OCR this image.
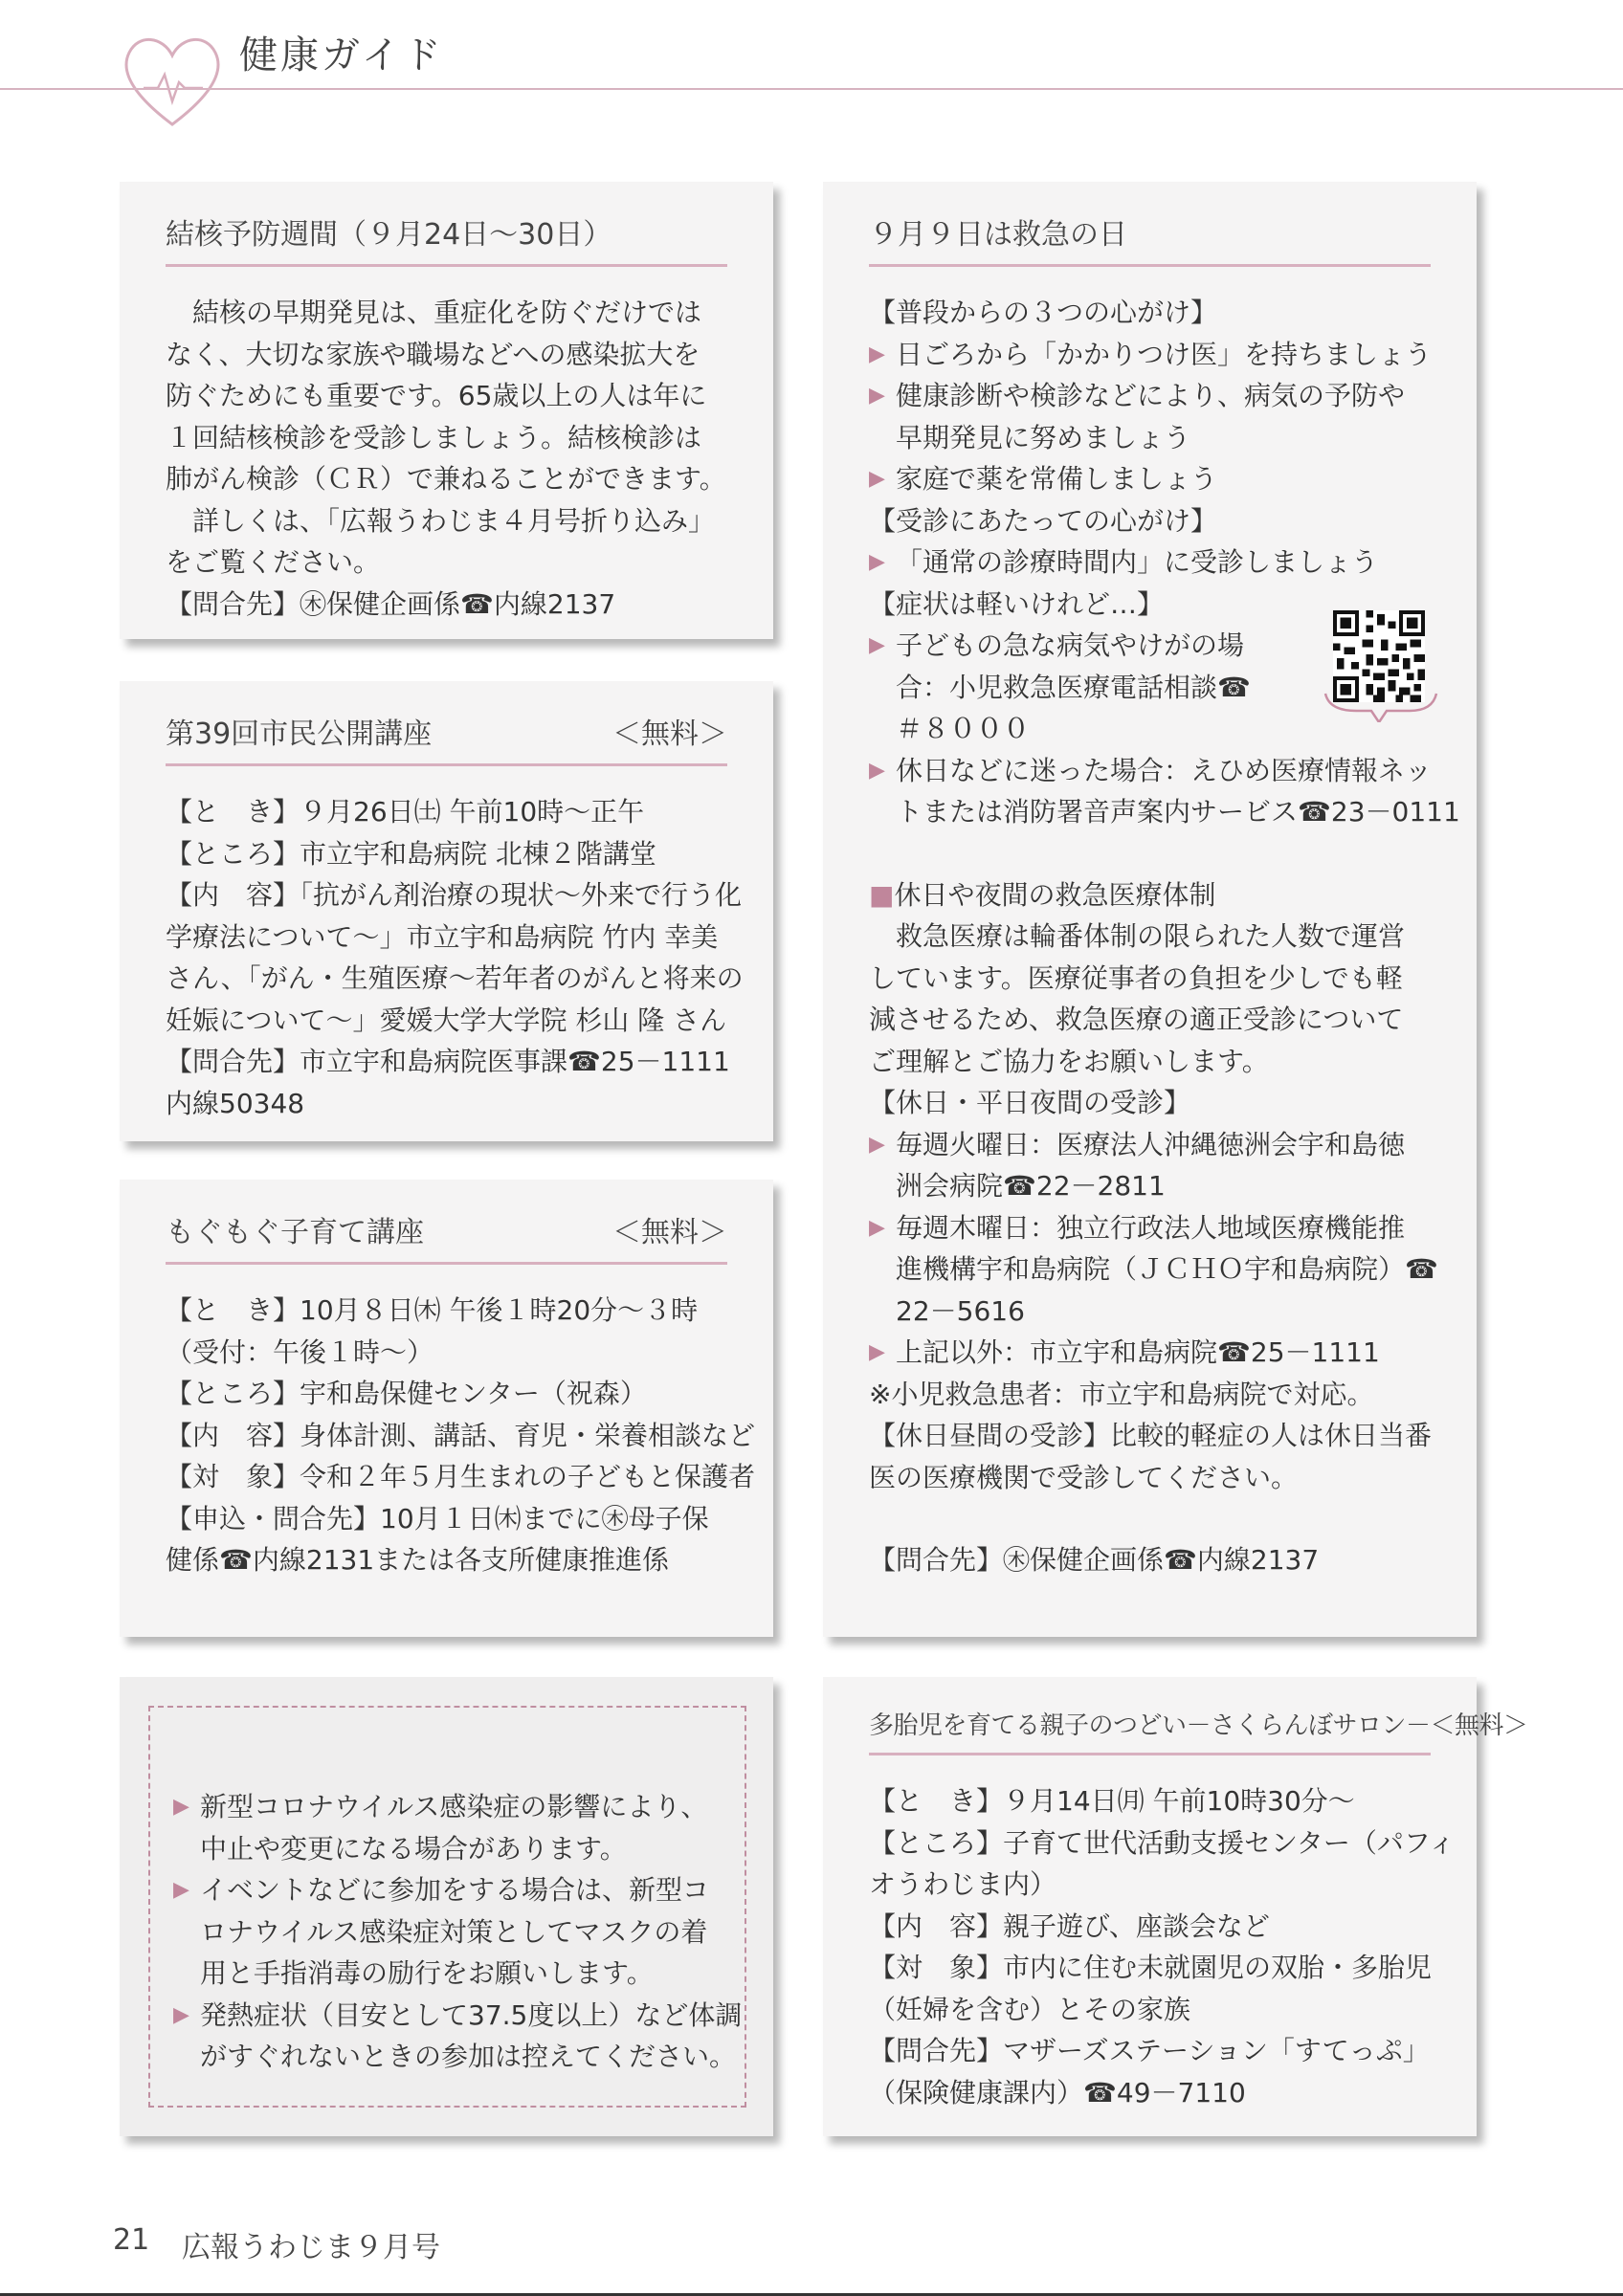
健康ガイド
結核予防週間（９月24日～30日）
結核の早期発見は、重症化を防ぐだけでは
なく、大切な家族や職場などへの感染拡大を
防ぐためにも重要です。65歳以上の人は年に
１回結核検診を受診しましょう。結核検診は
肺がん検診（ＣＲ）で兼ねることができます。
詳しくは、「広報うわじま４月号折り込み」
をご覧ください。
【問合先】㊍保健企画係☎内線2137
第39回市民公開講座	＜無料＞
【と　き】９月26日㈯ 午前10時～正午
【ところ】市立宇和島病院 北棟２階講堂
【内　容】「抗がん剤治療の現状～外来で行う化
学療法について～」市立宇和島病院 竹内 幸美
さん、「がん・生殖医療～若年者のがんと将来の
妊娠について～」愛媛大学大学院 杉山 隆 さん
【問合先】市立宇和島病院医事課☎25－1111
内線50348
もぐもぐ子育て講座	＜無料＞
【と　き】10月８日㈭ 午後１時20分～３時
（受付：午後１時～）
【ところ】宇和島保健センター（祝森）
【内　容】身体計測、講話、育児・栄養相談など
【対　象】令和２年５月生まれの子どもと保護者
【申込・問合先】10月１日㈭までに㊍母子保
健係☎内線2131または各支所健康推進係
▶ 新型コロナウイルス感染症の影響により、
中止や変更になる場合があります。
▶ イベントなどに参加をする場合は、新型コ
ロナウイルス感染症対策としてマスクの着
用と手指消毒の励行をお願いします。
▶ 発熱症状（目安として37.5度以上）など体調
がすぐれないときの参加は控えてください。
９月９日は救急の日
【普段からの３つの心がけ】
▶ 日ごろから「かかりつけ医」を持ちましょう
▶ 健康診断や検診などにより、病気の予防や
早期発見に努めましょう
▶ 家庭で薬を常備しましょう
【受診にあたっての心がけ】
▶ 「通常の診療時間内」に受診しましょう
【症状は軽いけれど…】
▶ 子どもの急な病気やけがの場
合：小児救急医療電話相談☎
＃８０００
▶ 休日などに迷った場合：えひめ医療情報ネッ
トまたは消防署音声案内サービス☎23－0111
■休日や夜間の救急医療体制
救急医療は輪番体制の限られた人数で運営
しています。医療従事者の負担を少しでも軽
減させるため、救急医療の適正受診について
ご理解とご協力をお願いします。
【休日・平日夜間の受診】
▶ 毎週火曜日：医療法人沖縄徳洲会宇和島徳
洲会病院☎22－2811
▶ 毎週木曜日：独立行政法人地域医療機能推
進機構宇和島病院（ＪＣＨＯ宇和島病院）☎
22－5616
▶ 上記以外：市立宇和島病院☎25－1111
※小児救急患者：市立宇和島病院で対応。
【休日昼間の受診】比較的軽症の人は休日当番
医の医療機関で受診してください。
【問合先】㊍保健企画係☎内線2137
多胎児を育てる親子のつどい－さくらんぼサロン－＜無料＞
【と　き】９月14日㈪ 午前10時30分～
【ところ】子育て世代活動支援センター（パフィ
オうわじま内）
【内　容】親子遊び、座談会など
【対　象】市内に住む未就園児の双胎・多胎児
（妊婦を含む）とその家族
【問合先】マザーズステーション「すてっぷ」
（保険健康課内）☎49－7110
21 広報うわじま９月号
